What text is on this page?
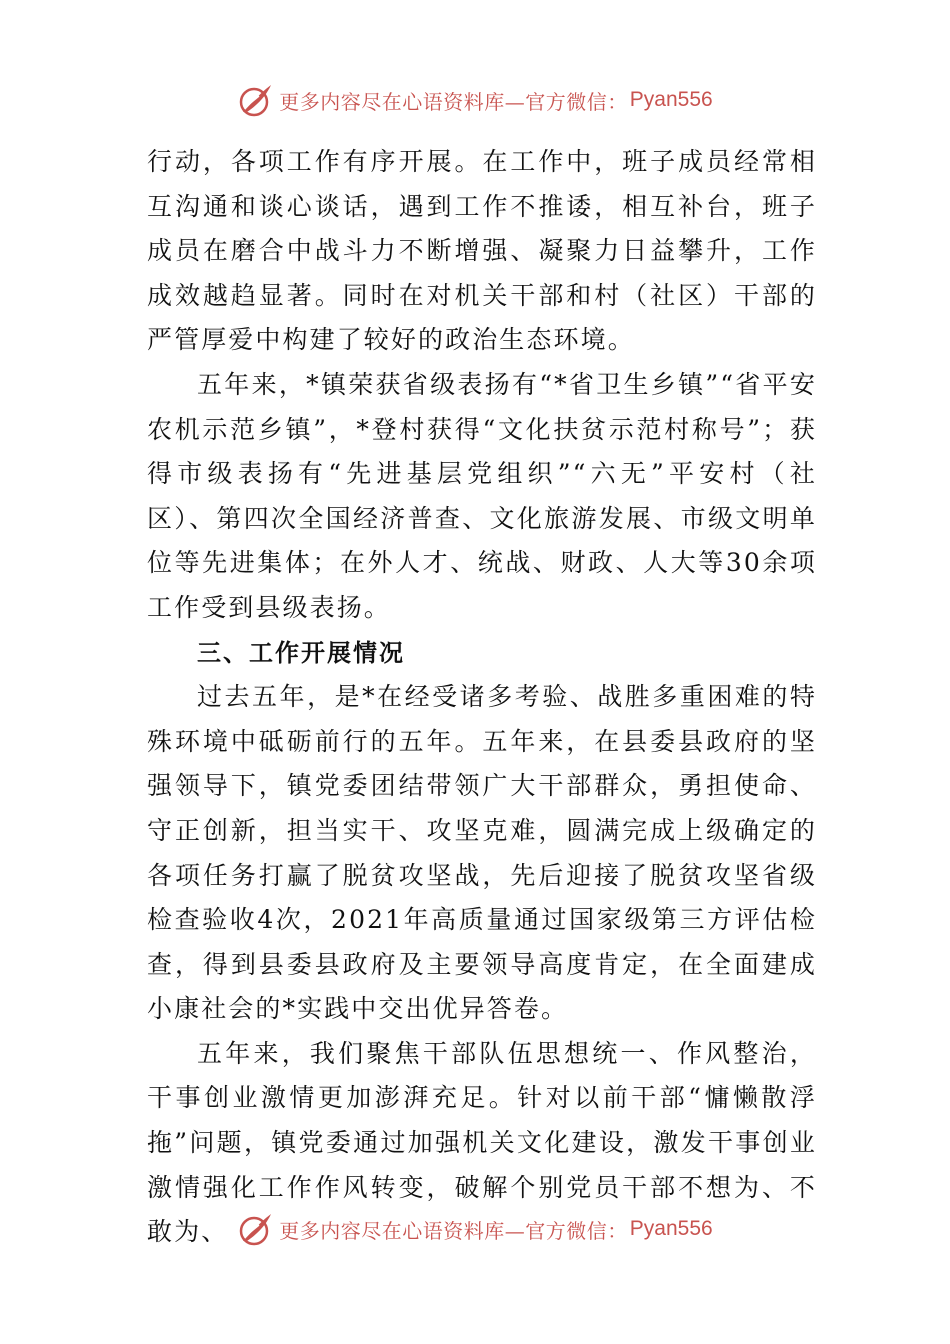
更多内容尽在心语资料库—官方微信： Pyan556

行动，各项工作有序开展。在工作中，班子成员经常相互沟通和谈心谈话，遇到工作不推诿，相互补台，班子成员在磨合中战斗力不断增强、凝聚力日益攀升，工作成效越趋显著。同时在对机关干部和村（社区）干部的严管厚爱中构建了较好的政治生态环境。

五年来，*镇荣获省级表扬有“*省卫生乡镇”“省平安农机示范乡镇”，*登村获得“文化扶贫示范村称号”；获得市级表扬有“先进基层党组织”“六无”平安村（社区）、第四次全国经济普查、文化旅游发展、市级文明单位等先进集体；在外人才、统战、财政、人大等30余项工作受到县级表扬。

三、工作开展情况

过去五年，是*在经受诸多考验、战胜多重困难的特殊环境中砥砺前行的五年。五年来，在县委县政府的坚强领导下，镇党委团结带领广大干部群众，勇担使命、守正创新，担当实干、攻坚克难，圆满完成上级确定的各项任务打赢了脱贫攻坚战，先后迎接了脱贫攻坚省级检查验收4次，2021年高质量通过国家级第三方评估检查，得到县委县政府及主要领导高度肯定，在全面建成小康社会的*实践中交出优异答卷。

五年来，我们聚焦干部队伍思想统一、作风整治，干事创业激情更加澎湃充足。针对以前干部“慵懒散浮拖”问题，镇党委通过加强机关文化建设，激发干事创业激情强化工作作风转变，破解个别党员干部不想为、不敢为、	更多内容尽在心语资料库—官方微信： Pyan556
